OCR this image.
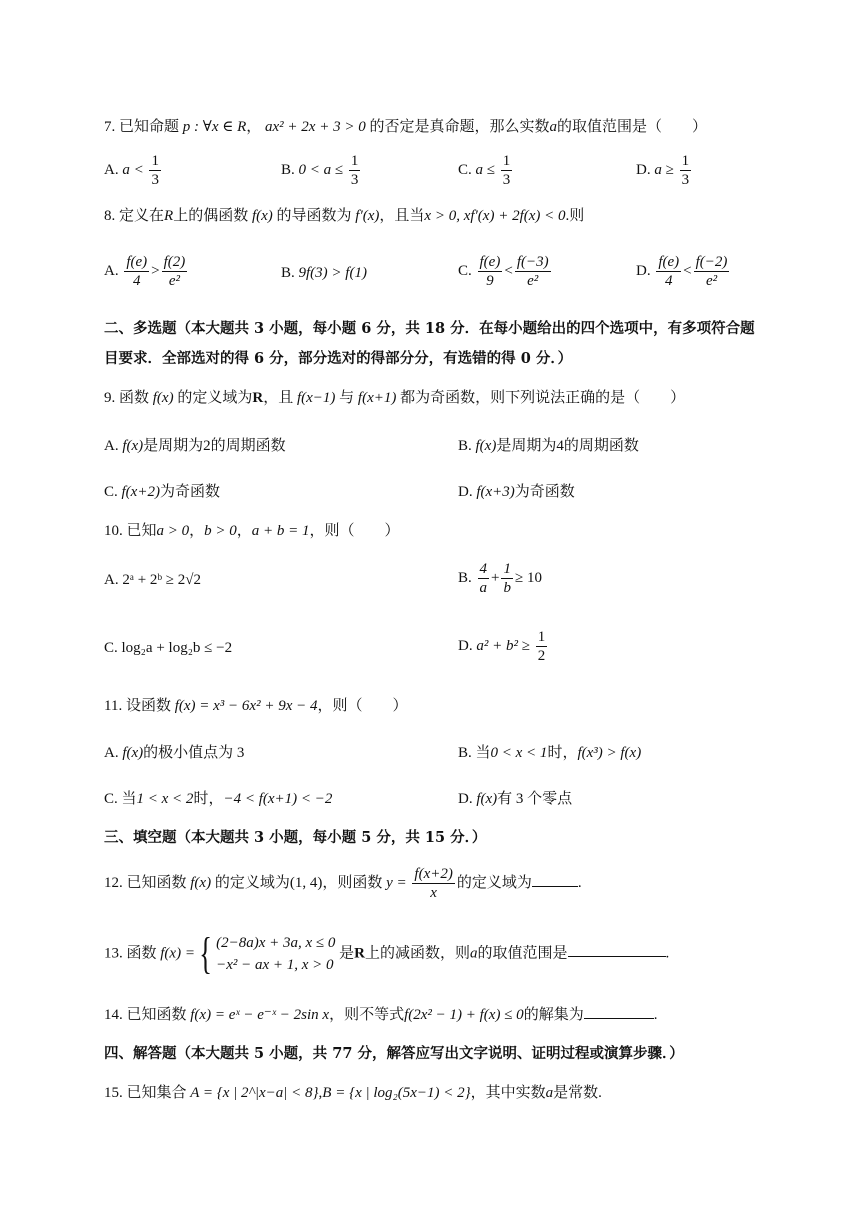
7. 已知命题 p : ∀x ∈ R， ax² + 2x + 3 > 0 的否定是真命题，那么实数a的取值范围是（　　）
A. $a < \frac{1}{3}$	B. $0 < a \le \frac{1}{3}$	C. $a \le \frac{1}{3}$	D. $a \ge \frac{1}{3}$
8. 定义在R上的偶函数 f(x) 的导函数为 f′(x)，且当x > 0, xf′(x) + 2f(x) < 0.则
A. $\frac{f(e)}{4} > \frac{f(2)}{\text{e²}}$	B. 9f(3) > f(1)	C. $\frac{f(e)}{9} < \frac{f(-3)}{\text{e²}}$	D. $\frac{f(e)}{4} < \frac{f(-2)}{\text{e²}}$
二、多选题（本大题共 3 小题，每小题 6 分，共 18 分．在每小题给出的四个选项中，有多项符合题
目要求．全部选对的得 6 分，部分选对的得部分分，有选错的得 0 分．）
9. 函数 f(x) 的定义域为R，且 f(x−1) 与 f(x+1) 都为奇函数，则下列说法正确的是（　　）
A. f(x)是周期为2的周期函数	B. f(x)是周期为4的周期函数
C. f(x+2)为奇函数	D. f(x+3)为奇函数
10. 已知a > 0，b > 0，a + b = 1，则（　　）
A. 2ᵃ + 2ᵇ ≥ 2√2	B. $\frac{4}{a} + \frac{1}{b} \ge 10$
C. log₂a + log₂b ≤ −2	D. $a^2 + b^2 \ge \frac{1}{2}$
11. 设函数 f(x) = x³ − 6x² + 9x − 4，则（　　）
A. f(x)的极小值点为 3	B. 当0 < x < 1时，f(x³) > f(x)
C. 当1 < x < 2时，−4 < f(x+1) < −2	D. f(x)有 3 个零点
三、填空题（本大题共 3 小题，每小题 5 分，共 15 分．）
12. 已知函数 f(x) 的定义域为(1, 4)，则函数 $y = \frac{f(x+2)}{x}$ 的定义域为	.
13. 函数 f(x) ={ (2−8a)x + 3a, x ≤ 0
−x² − ax + 1, x > 0
是R上的减函数，则a的取值范围是	.
14. 已知函数 f(x) = eˣ − e⁻ˣ − 2sin x，则不等式f(2x² − 1) + f(x) ≤ 0的解集为	.
四、解答题（本大题共 5 小题，共 77 分，解答应写出文字说明、证明过程或演算步骤．）
15. 已知集合 A = {x | 2^|x−a| < 8},B = {x | log₂(5x−1) < 2}，其中实数a是常数.
